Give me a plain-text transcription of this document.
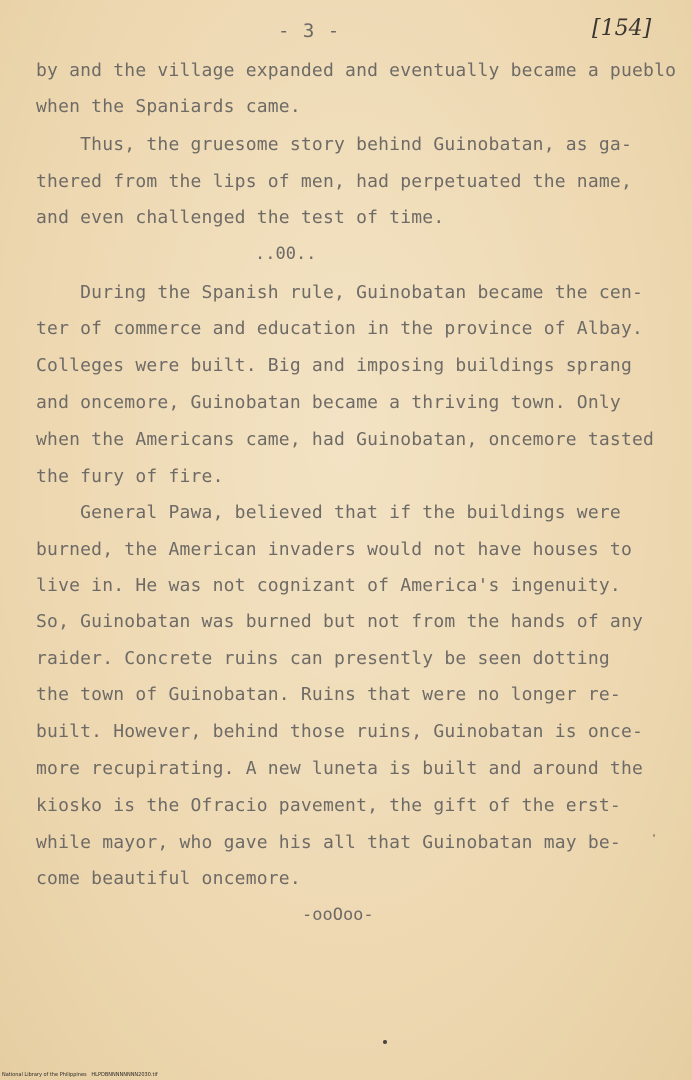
- 3 -	[154]
by and the village expanded and eventually became a pueblo
when the Spaniards came.
Thus, the gruesome story behind Guinobatan, as ga-
thered from the lips of men, had perpetuated the name,
and even challenged the test of time.
..00..
During the Spanish rule, Guinobatan became the cen-
ter of commerce and education in the province of Albay.
Colleges were built. Big and imposing buildings sprang
and oncemore, Guinobatan became a thriving town. Only
when the Americans came, had Guinobatan, oncemore tasted
the fury of fire.
General Pawa, believed that if the buildings were
burned, the American invaders would not have houses to
live in. He was not cognizant of America's ingenuity.
So, Guinobatan was burned but not from the hands of any
raider. Concrete ruins can presently be seen dotting
the town of Guinobatan. Ruins that were no longer re-
built. However, behind those ruins, Guinobatan is once-
more recupirating. A new luneta is built and around the
kiosko is the Ofracio pavement, the gift of the erst-
while mayor, who gave his all that Guinobatan may be-
come beautiful oncemore.
-ooOoo-
National Library of the Philippines   HLPDBNNNNNNNN2030.tif
